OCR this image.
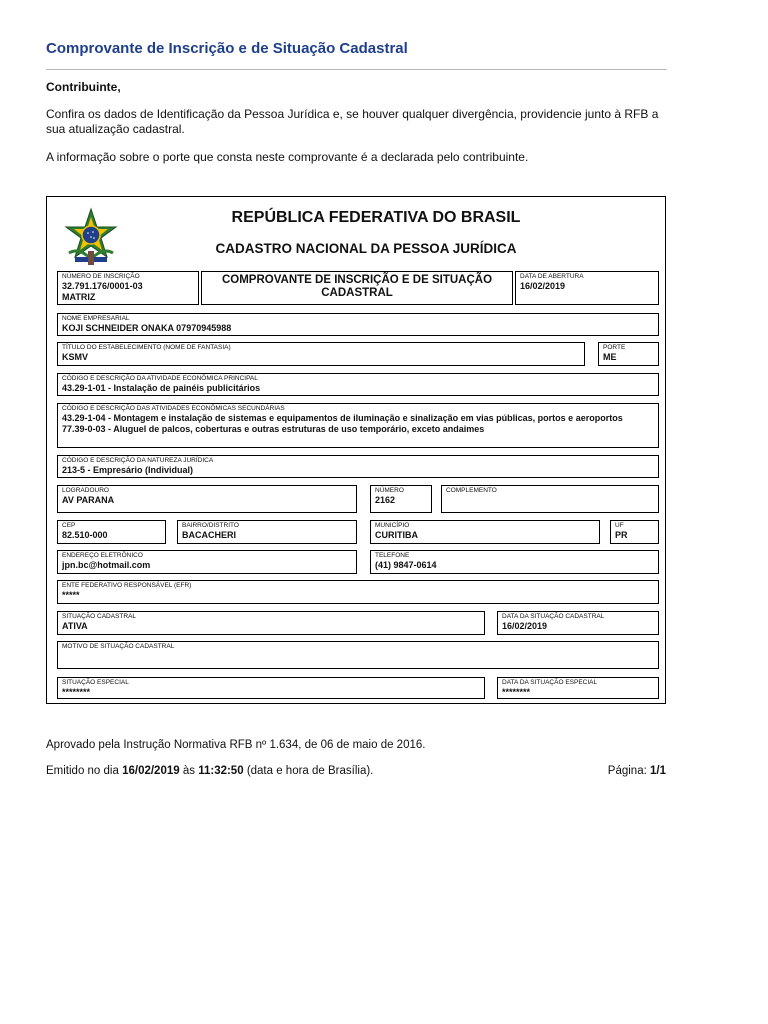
Comprovante de Inscrição e de Situação Cadastral
Contribuinte,
Confira os dados de Identificação da Pessoa Jurídica e, se houver qualquer divergência, providencie junto à RFB a sua atualização cadastral.
A informação sobre o porte que consta neste comprovante é a declarada pelo contribuinte.
REPÚBLICA FEDERATIVA DO BRASIL
CADASTRO NACIONAL DA PESSOA JURÍDICA
NÚMERO DE INSCRIÇÃO
32.791.176/0001-03
MATRIZ
COMPROVANTE DE INSCRIÇÃO E DE SITUAÇÃO CADASTRAL
DATA DE ABERTURA
16/02/2019
NOME EMPRESARIAL
KOJI SCHNEIDER ONAKA 07970945988
TÍTULO DO ESTABELECIMENTO (NOME DE FANTASIA)
KSMV
PORTE
ME
CÓDIGO E DESCRIÇÃO DA ATIVIDADE ECONÔMICA PRINCIPAL
43.29-1-01 - Instalação de painéis publicitários
CÓDIGO E DESCRIÇÃO DAS ATIVIDADES ECONÔMICAS SECUNDÁRIAS
43.29-1-04 - Montagem e instalação de sistemas e equipamentos de iluminação e sinalização em vias públicas, portos e aeroportos
77.39-0-03 - Aluguel de palcos, coberturas e outras estruturas de uso temporário, exceto andaimes
CÓDIGO E DESCRIÇÃO DA NATUREZA JURÍDICA
213-5 - Empresário (Individual)
LOGRADOURO
AV PARANA
NÚMERO
2162
COMPLEMENTO
CEP
82.510-000
BAIRRO/DISTRITO
BACACHERI
MUNICÍPIO
CURITIBA
UF
PR
ENDEREÇO ELETRÔNICO
jpn.bc@hotmail.com
TELEFONE
(41) 9847-0614
ENTE FEDERATIVO RESPONSÁVEL (EFR)
*****
SITUAÇÃO CADASTRAL
ATIVA
DATA DA SITUAÇÃO CADASTRAL
16/02/2019
MOTIVO DE SITUAÇÃO CADASTRAL
SITUAÇÃO ESPECIAL
********
DATA DA SITUAÇÃO ESPECIAL
********
Aprovado pela Instrução Normativa RFB nº 1.634, de 06 de maio de 2016.
Emitido no dia 16/02/2019 às 11:32:50 (data e hora de Brasília).	Página: 1/1
